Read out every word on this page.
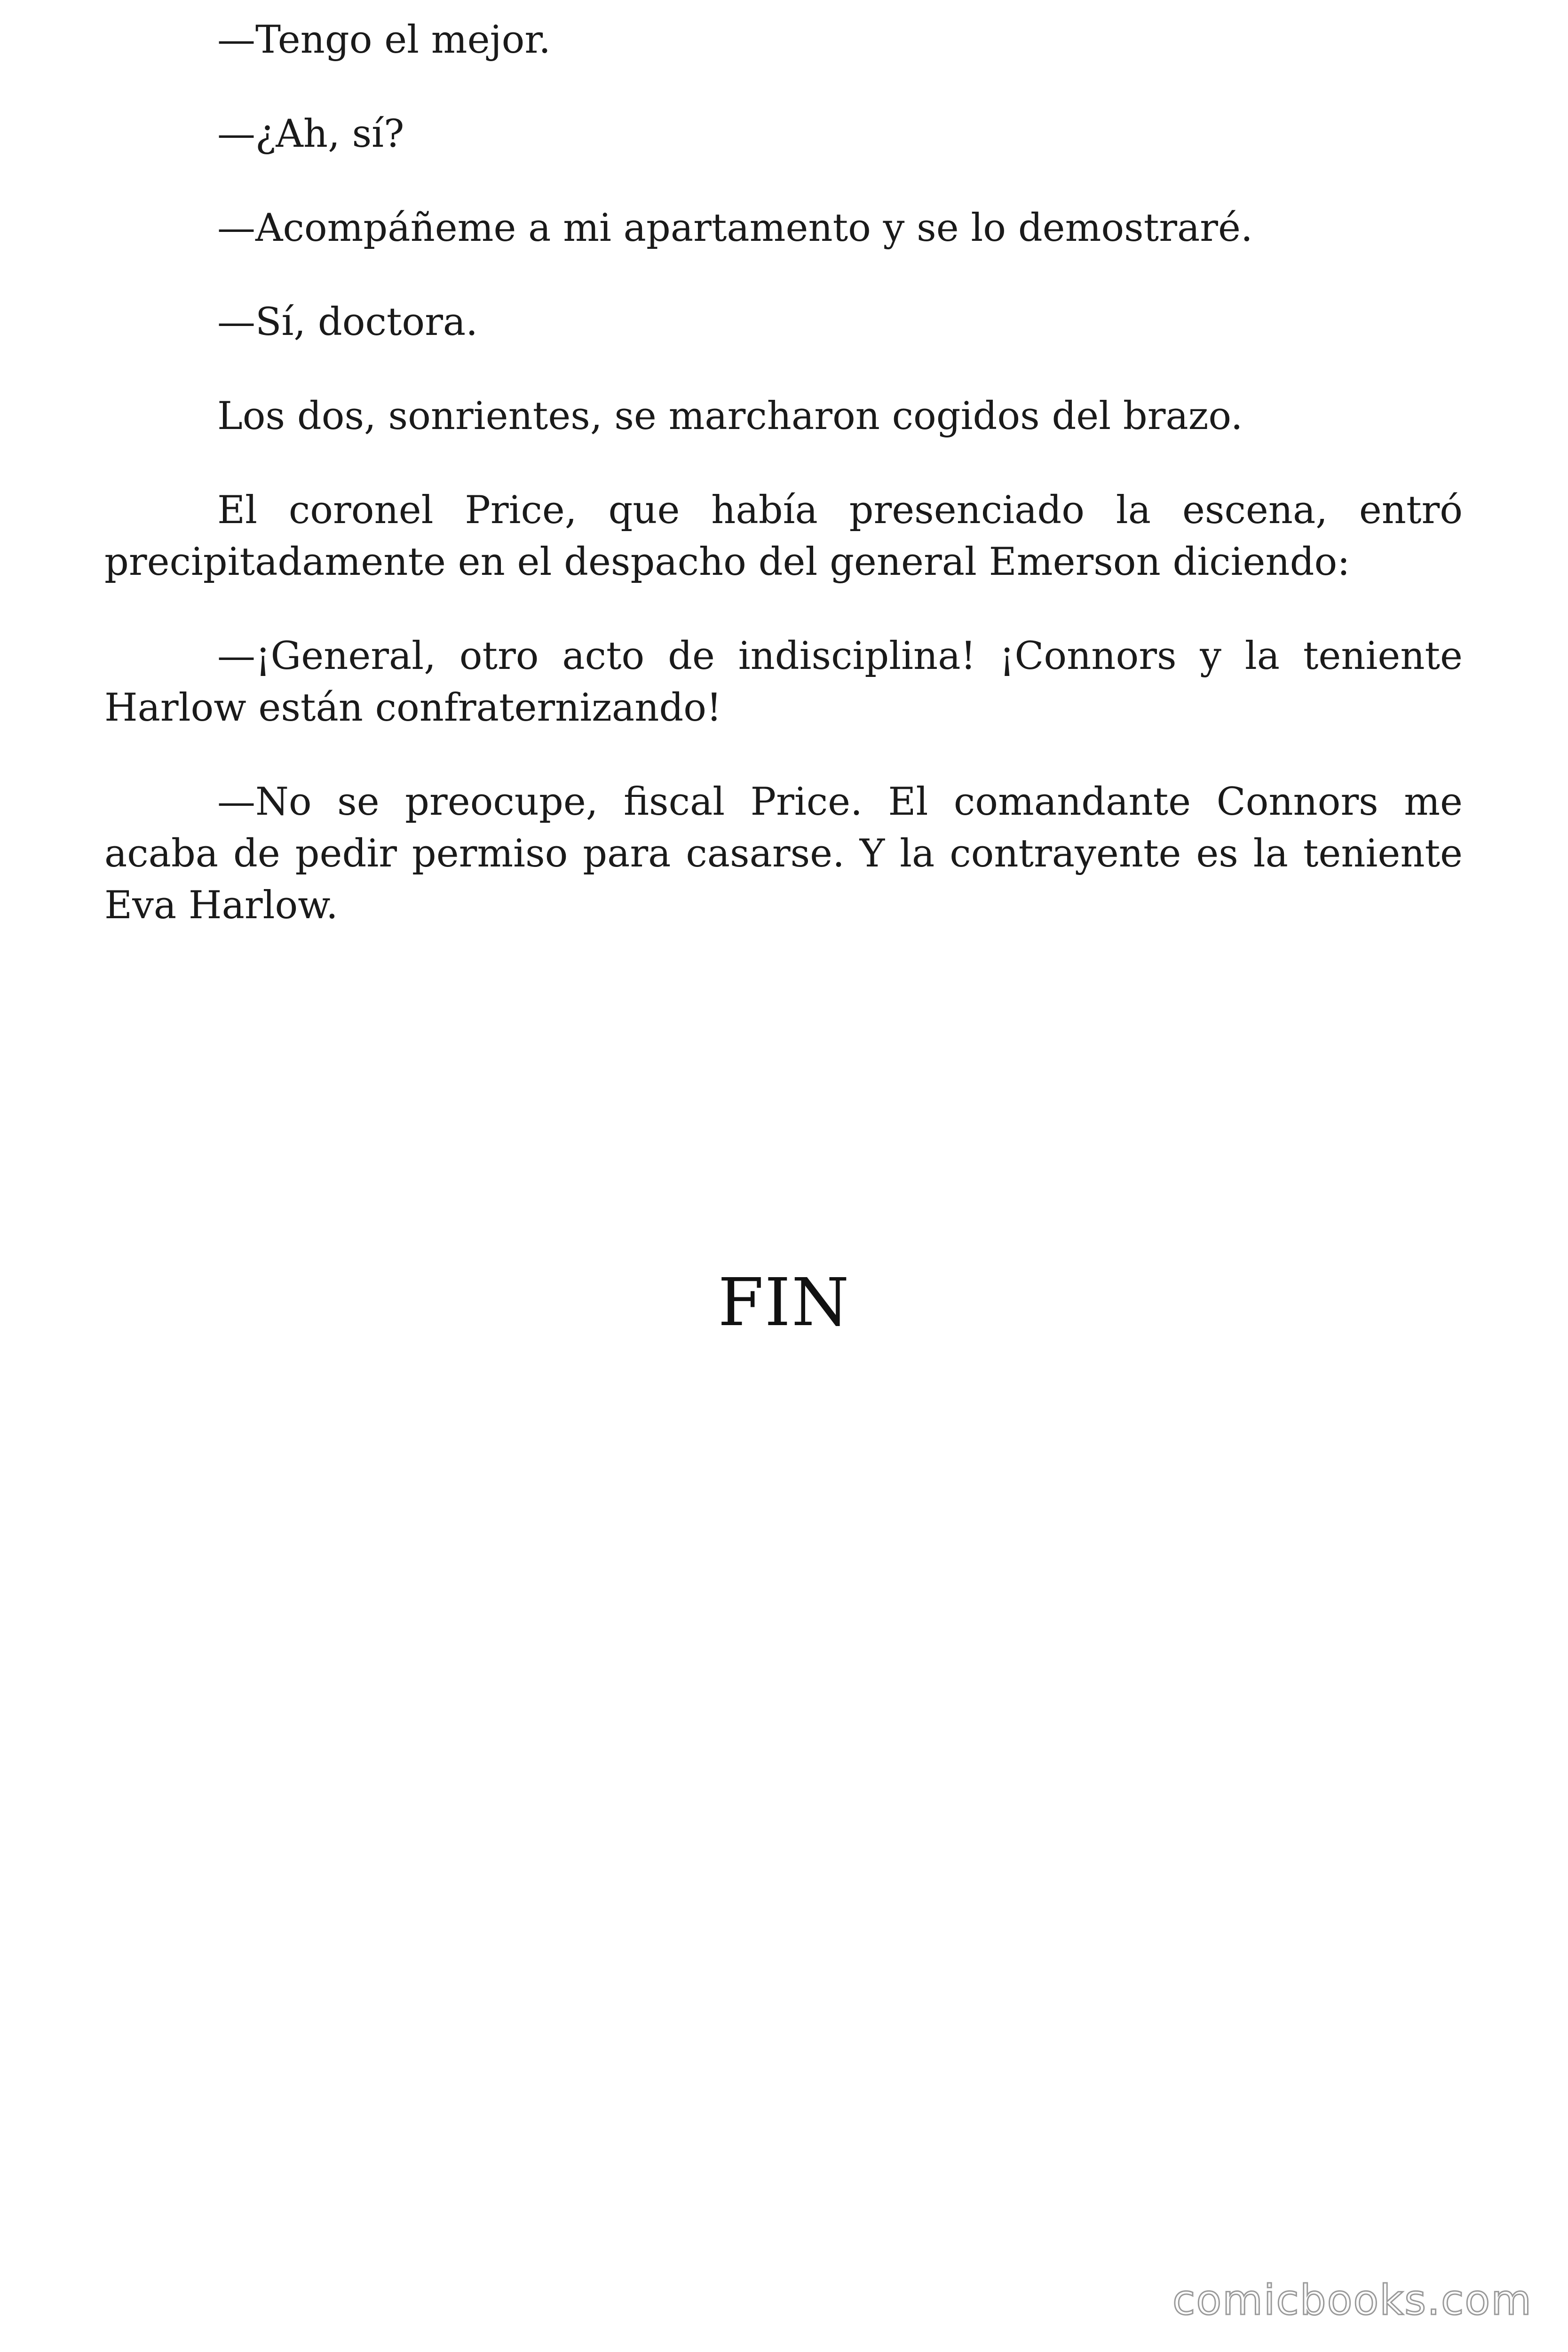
—Tengo el mejor.

—¿Ah, sí?

—Acompáñeme a mi apartamento y se lo demostraré.

—Sí, doctora.

Los dos, sonrientes, se marcharon cogidos del brazo.

El coronel Price, que había presenciado la escena, entró precipitadamente en el despacho del general Emerson diciendo:

—¡General, otro acto de indisciplina! ¡Connors y la teniente Harlow están confraternizando!

—No se preocupe, fiscal Price. El comandante Connors me acaba de pedir permiso para casarse. Y la contrayente es la teniente Eva Harlow.

FIN
comicbooks.com
